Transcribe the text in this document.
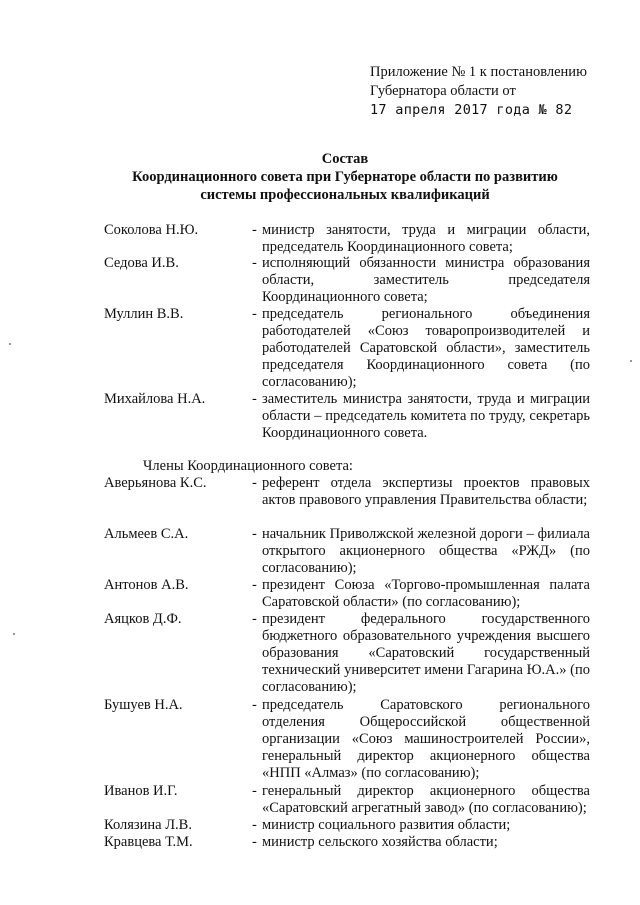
Приложение № 1 к постановлению
Губернатора области от
17 апреля 2017 года № 82
Состав
Координационного совета при Губернаторе области по развитию
системы профессиональных квалификаций
Соколова Н.Ю.	- министр занятости, труда и миграции области, председатель Координационного совета;
Седова И.В.	- исполняющий обязанности министра образования области, заместитель председателя Координационного совета;
Муллин В.В.	- председатель регионального объединения работодателей «Союз товаропроизводителей и работодателей Саратовской области», заместитель председателя Координационного совета (по согласованию);
Михайлова Н.А.	- заместитель министра занятости, труда и миграции области – председатель комитета по труду, секретарь Координационного совета.
Члены Координационного совета:
Аверьянова К.С.	- референт отдела экспертизы проектов правовых актов правового управления Правительства области;
Альмеев С.А.	- начальник Приволжской железной дороги – филиала открытого акционерного общества «РЖД» (по согласованию);
Антонов А.В.	- президент Союза «Торгово-промышленная палата Саратовской области» (по согласованию);
Аяцков Д.Ф.	- президент федерального государственного бюджетного образовательного учреждения высшего образования «Саратовский государственный технический университет имени Гагарина Ю.А.» (по согласованию);
Бушуев Н.А.	- председатель Саратовского регионального отделения Общероссийской общественной организации «Союз машиностроителей России», генеральный директор акционерного общества «НПП «Алмаз» (по согласованию);
Иванов И.Г.	- генеральный директор акционерного общества «Саратовский агрегатный завод» (по согласованию);
Колязина Л.В.	- министр социального развития области;
Кравцева Т.М.	- министр сельского хозяйства области;
